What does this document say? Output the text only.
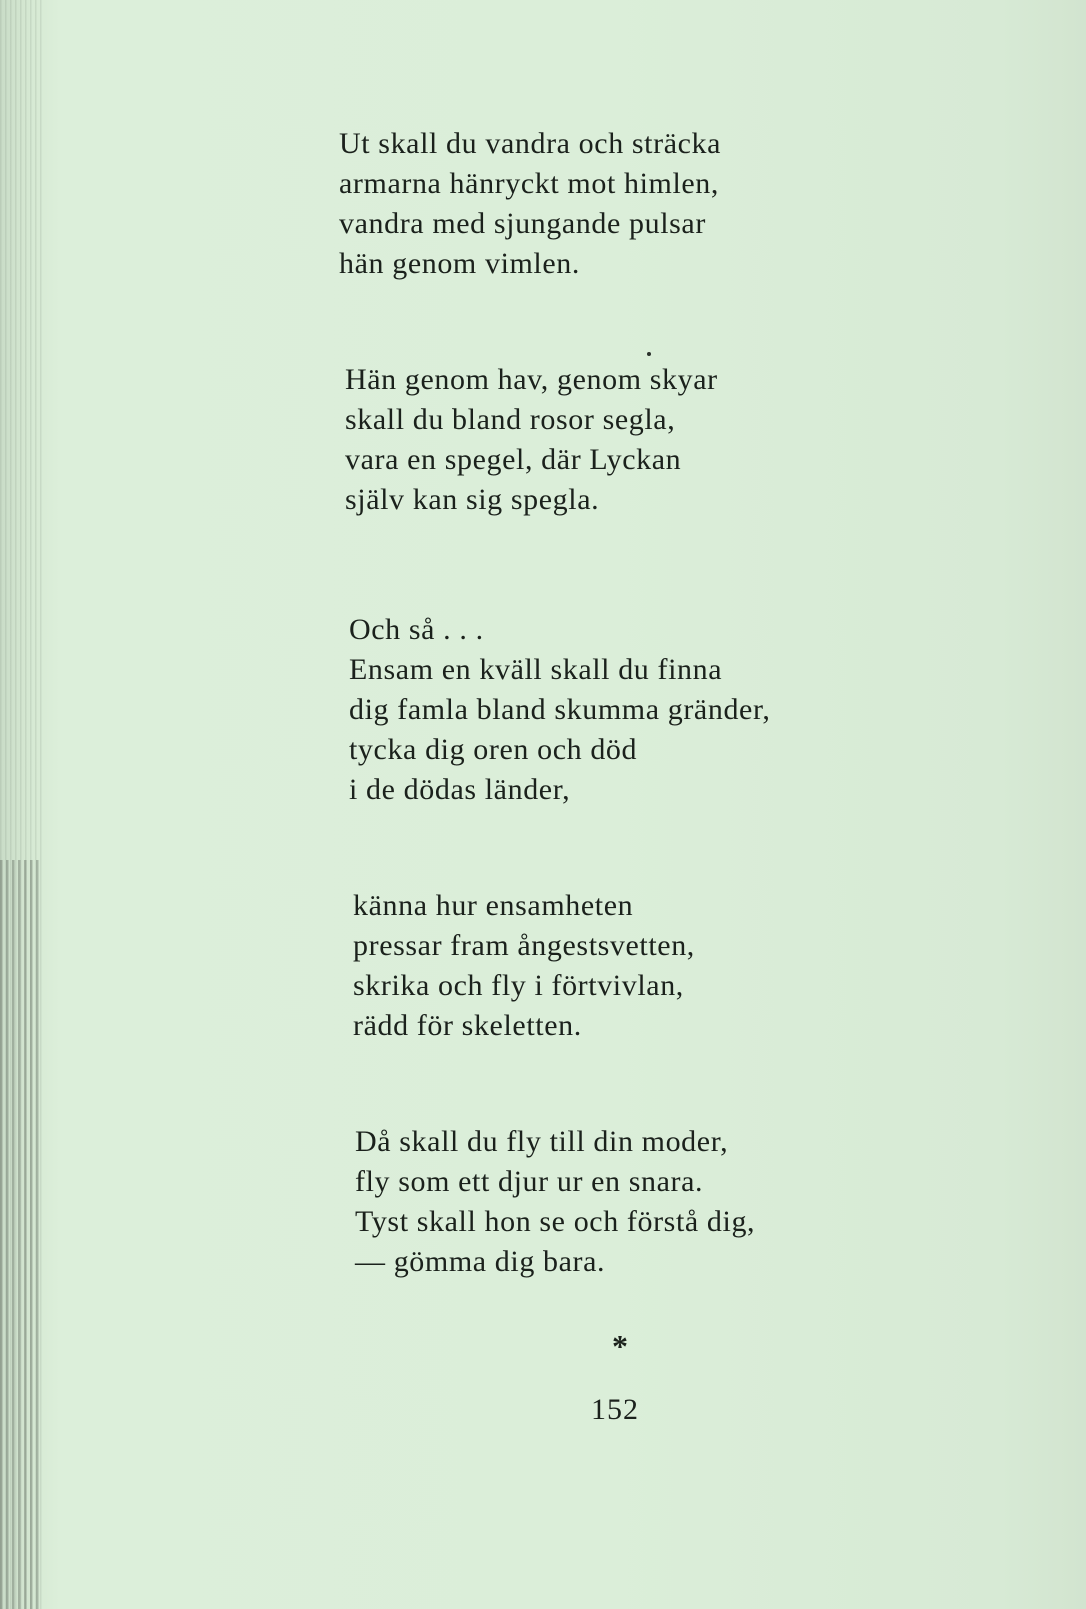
Ut skall du vandra och sträcka
armarna hänryckt mot himlen,
vandra med sjungande pulsar
hän genom vimlen.

Hän genom hav, genom skyar
skall du bland rosor segla,
vara en spegel, där Lyckan
själv kan sig spegla.

Och så . . .
Ensam en kväll skall du finna
dig famla bland skumma gränder,
tycka dig oren och död
i de dödas länder,

känna hur ensamheten
pressar fram ångestsvetten,
skrika och fly i förtvivlan,
rädd för skeletten.

Då skall du fly till din moder,
fly som ett djur ur en snara.
Tyst skall hon se och förstå dig,
— gömma dig bara.

*
152
